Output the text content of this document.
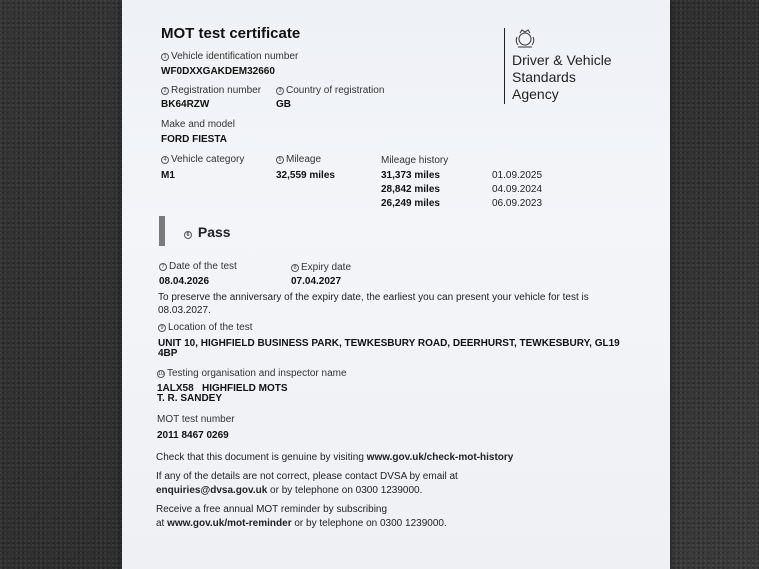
MOT test certificate
Driver & Vehicle
Standards
Agency
1 Vehicle identification number
WF0DXXGAKDEM32660
2 Registration number
BK64RZW
3 Country of registration
GB
Make and model
FORD FIESTA
4 Vehicle category
M1
5 Mileage
32,559 miles
Mileage history
31,373 miles	01.09.2025
28,842 miles	04.09.2024
26,249 miles	06.09.2023
6 Pass
7 Date of the test
08.04.2026
8 Expiry date
07.04.2027
To preserve the anniversary of the expiry date, the earliest you can present your vehicle for test is
08.03.2027.
9 Location of the test
UNIT 10, HIGHFIELD BUSINESS PARK, TEWKESBURY ROAD, DEERHURST, TEWKESBURY, GL19
4BP
10 Testing organisation and inspector name
1ALX58   HIGHFIELD MOTS
T. R. SANDEY
MOT test number
2011 8467 0269
Check that this document is genuine by visiting www.gov.uk/check-mot-history
If any of the details are not correct, please contact DVSA by email at
enquiries@dvsa.gov.uk or by telephone on 0300 1239000.
Receive a free annual MOT reminder by subscribing
at www.gov.uk/mot-reminder or by telephone on 0300 1239000.
